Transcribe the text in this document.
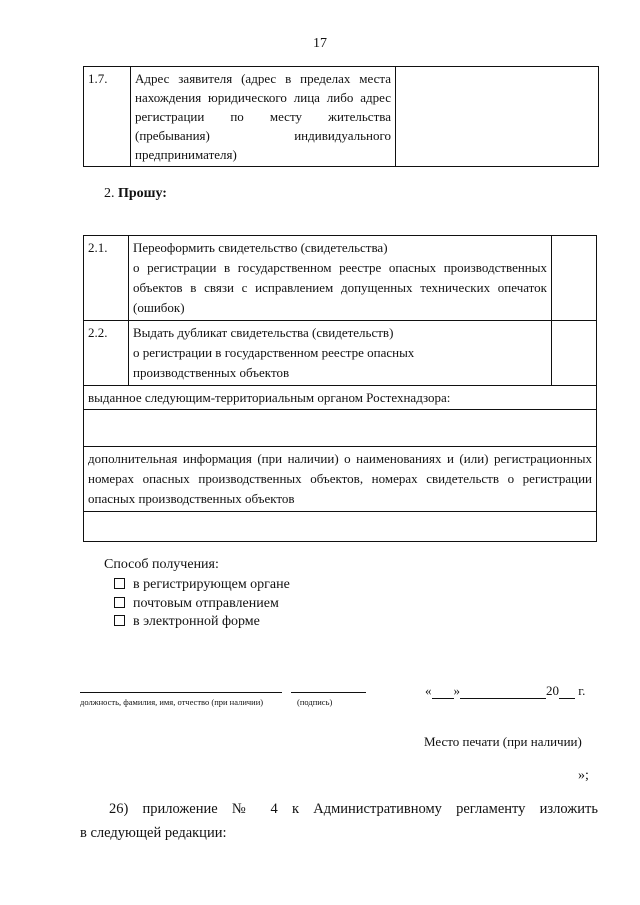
17
1.7.	Адрес заявителя (адрес в пределах места нахождения юридического лица либо адрес регистрации по месту жительства (пребывания) индивидуального предпринимателя)	
2. Прошу:
2.1.	Переоформить свидетельство (свидетельства)
о регистрации в государственном реестре опасных производственных объектов в связи с исправлением допущенных технических опечаток (ошибок)	

2.2.	Выдать дубликат свидетельства (свидетельств)
о регистрации в государственном реестре опасных производственных объектов	

выданное следующим-территориальным органом Ростехнадзора:		

дополнительная информация (при наличии) о наименованиях и (или) регистрационных номерах опасных производственных объектов, номерах свидетельств о регистрации опасных производственных объектов		

Способ получения:
в регистрирующем органе
почтовым отправлением
в электронной форме
должность, фамилия, имя, отчество (при наличии)	(подпись)
« »	20 г.
Место печати (при наличии)
»;
26) приложение № 4 к Административному регламенту изложить
в следующей редакции:
